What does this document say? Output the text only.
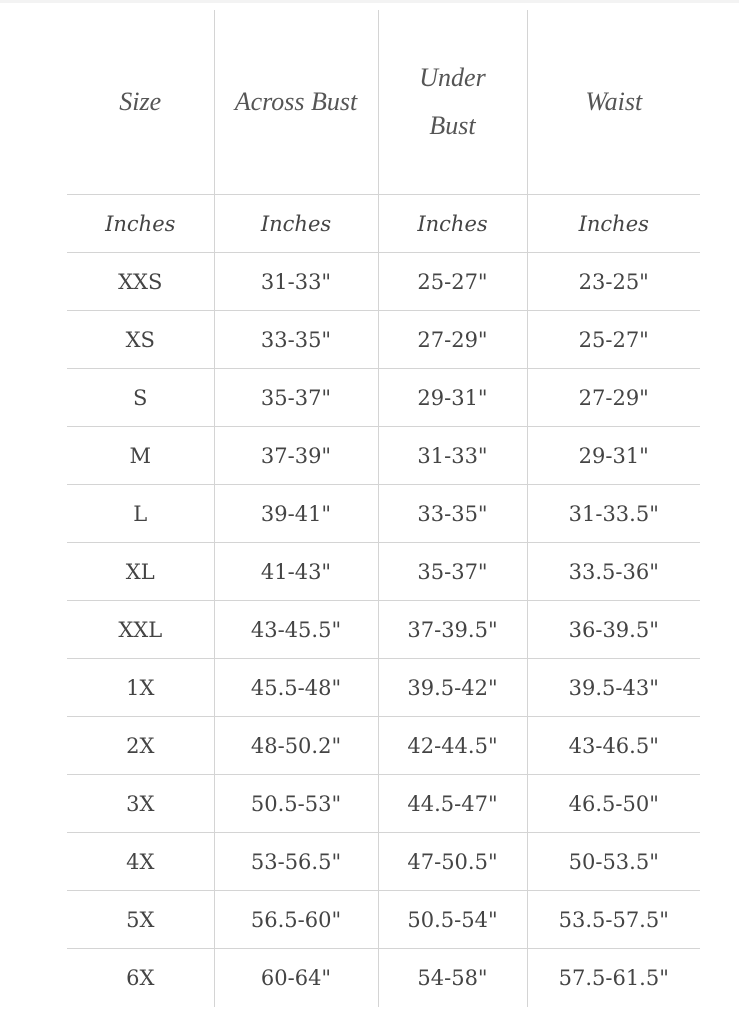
Size	Across Bust	Under Bust	Waist
Inches	Inches	Inches	Inches
XXS	31-33"	25-27"	23-25"
XS	33-35"	27-29"	25-27"
S	35-37"	29-31"	27-29"
M	37-39"	31-33"	29-31"
L	39-41"	33-35"	31-33.5"
XL	41-43"	35-37"	33.5-36"
XXL	43-45.5"	37-39.5"	36-39.5"
1X	45.5-48"	39.5-42"	39.5-43"
2X	48-50.2"	42-44.5"	43-46.5"
3X	50.5-53"	44.5-47"	46.5-50"
4X	53-56.5"	47-50.5"	50-53.5"
5X	56.5-60"	50.5-54"	53.5-57.5"
6X	60-64"	54-58"	57.5-61.5"
